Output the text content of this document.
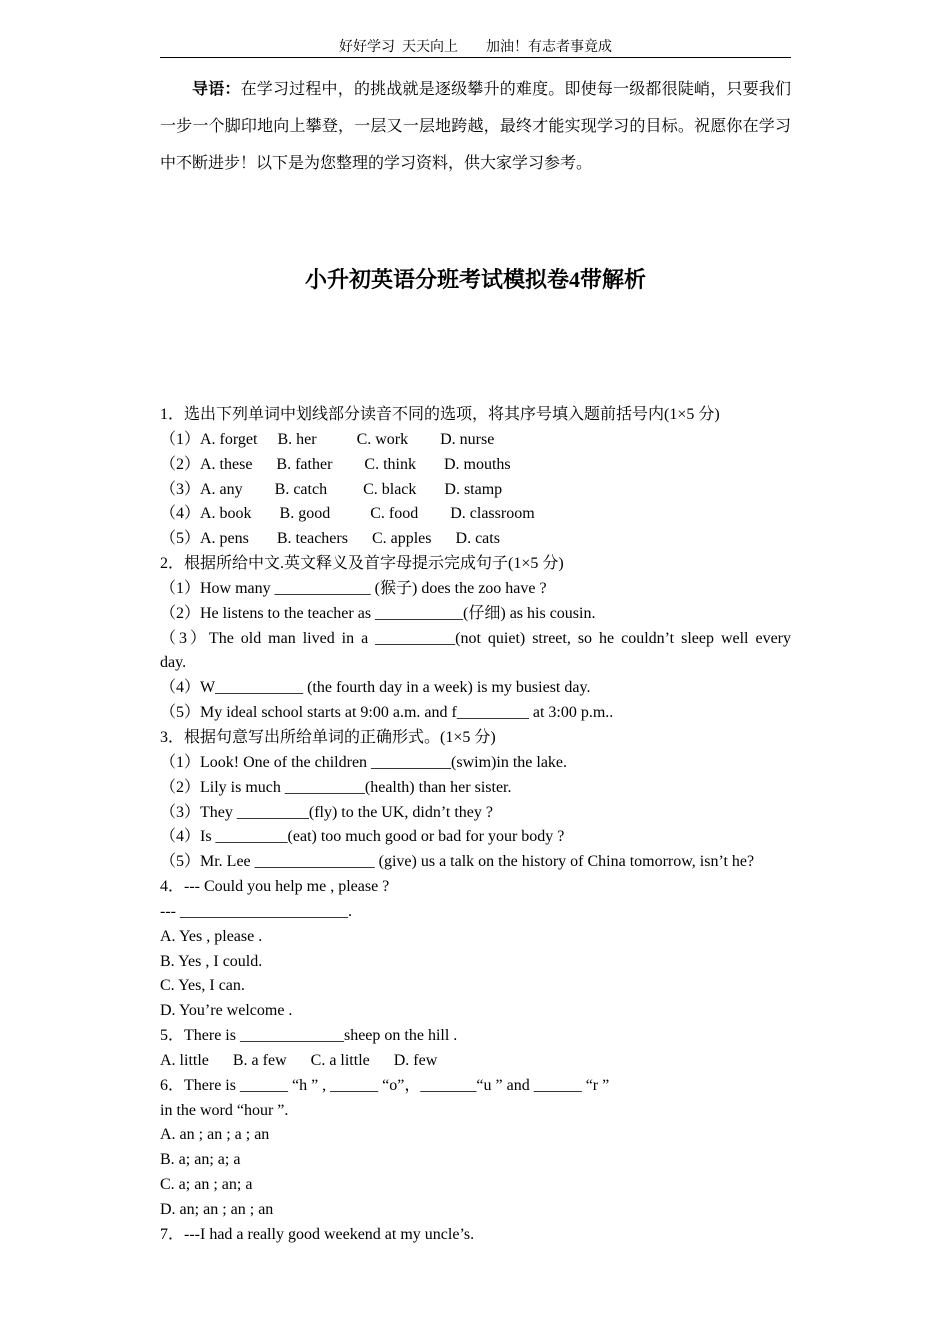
好好学习  天天向上        加油！有志者事竟成
导语：在学习过程中，的挑战就是逐级攀升的难度。即使每一级都很陡峭，只要我们一步一个脚印地向上攀登，一层又一层地跨越，最终才能实现学习的目标。祝愿你在学习中不断进步！以下是为您整理的学习资料，供大家学习参考。
小升初英语分班考试模拟卷4带解析
1．选出下列单词中划线部分读音不同的选项，将其序号填入题前括号内(1×5 分)
（1）A. forget     B. her          C. work        D. nurse
（2）A. these      B. father        C. think       D. mouths
（3）A. any        B. catch         C. black       D. stamp
（4）A. book       B. good          C. food        D. classroom
（5）A. pens       B. teachers      C. apples      D. cats
2．根据所给中文.英文释义及首字母提示完成句子(1×5 分)
（1）How many ____________ (猴子) does the zoo have ?
（2）He listens to the teacher as ___________(仔细) as his cousin.
（3）The old man lived in a __________(not quiet) street, so he couldn’t sleep well every
day.
（4）W___________ (the fourth day in a week) is my busiest day.
（5）My ideal school starts at 9:00 a.m. and f_________ at 3:00 p.m..
3．根据句意写出所给单词的正确形式。(1×5 分)
（1）Look! One of the children __________(swim)in the lake.
（2）Lily is much __________(health) than her sister.
（3）They _________(fly) to the UK, didn’t they ?
（4）Is _________(eat) too much good or bad for your body ?
（5）Mr. Lee _______________ (give) us a talk on the history of China tomorrow, isn’t he?
4．--- Could you help me , please ?
--- _____________________.
A. Yes , please .
B. Yes , I could.
C. Yes, I can.
D. You’re welcome .
5．There is _____________sheep on the hill .
A. little      B. a few      C. a little      D. few
6．There is ______ “h ” , ______ “o”，_______“u ” and ______ “r ”
in the word “hour ”.
A. an ; an ; a ; an
B. a; an; a; a
C. a; an ; an; a
D. an; an ; an ; an
7．---I had a really good weekend at my uncle’s.
